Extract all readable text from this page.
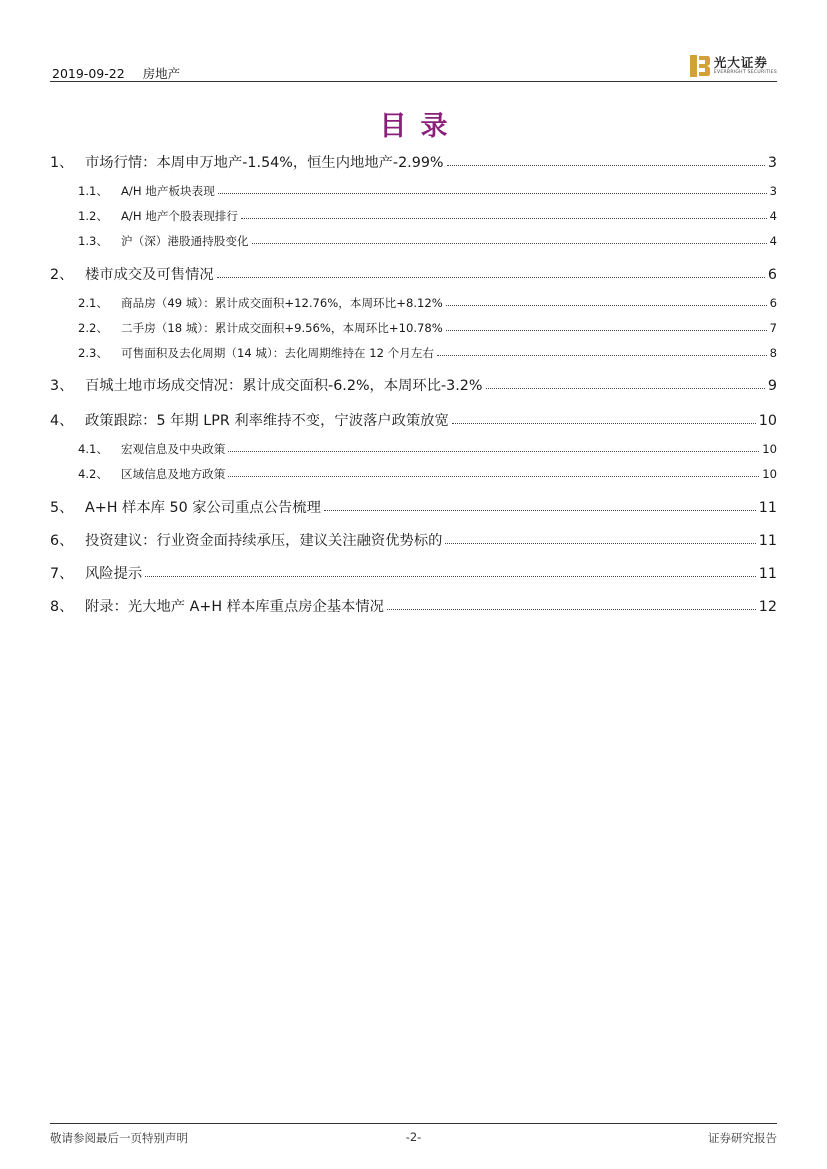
2019-09-22 房地产
光大证券
EVERBRIGHT SECURITIES
目录
1、 市场行情：本周申万地产-1.54%，恒生内地地产-2.99%	3
1.1、	A/H 地产板块表现	3
1.2、	A/H 地产个股表现排行	4
1.3、	沪（深）港股通持股变化	4
2、 楼市成交及可售情况	6
2.1、	商品房（49 城）：累计成交面积+12.76%，本周环比+8.12%	6
2.2、	二手房（18 城）：累计成交面积+9.56%，本周环比+10.78%	7
2.3、	可售面积及去化周期（14 城）：去化周期维持在 12 个月左右	8
3、 百城土地市场成交情况：累计成交面积-6.2%，本周环比-3.2%	9
4、 政策跟踪：5 年期 LPR 利率维持不变，宁波落户政策放宽	10
4.1、	宏观信息及中央政策	10
4.2、	区域信息及地方政策	10
5、 A+H 样本库 50 家公司重点公告梳理	11
6、 投资建议：行业资金面持续承压，建议关注融资优势标的	11
7、 风险提示	11
8、 附录：光大地产 A+H 样本库重点房企基本情况	12
敬请参阅最后一页特别声明	-2-	证券研究报告
